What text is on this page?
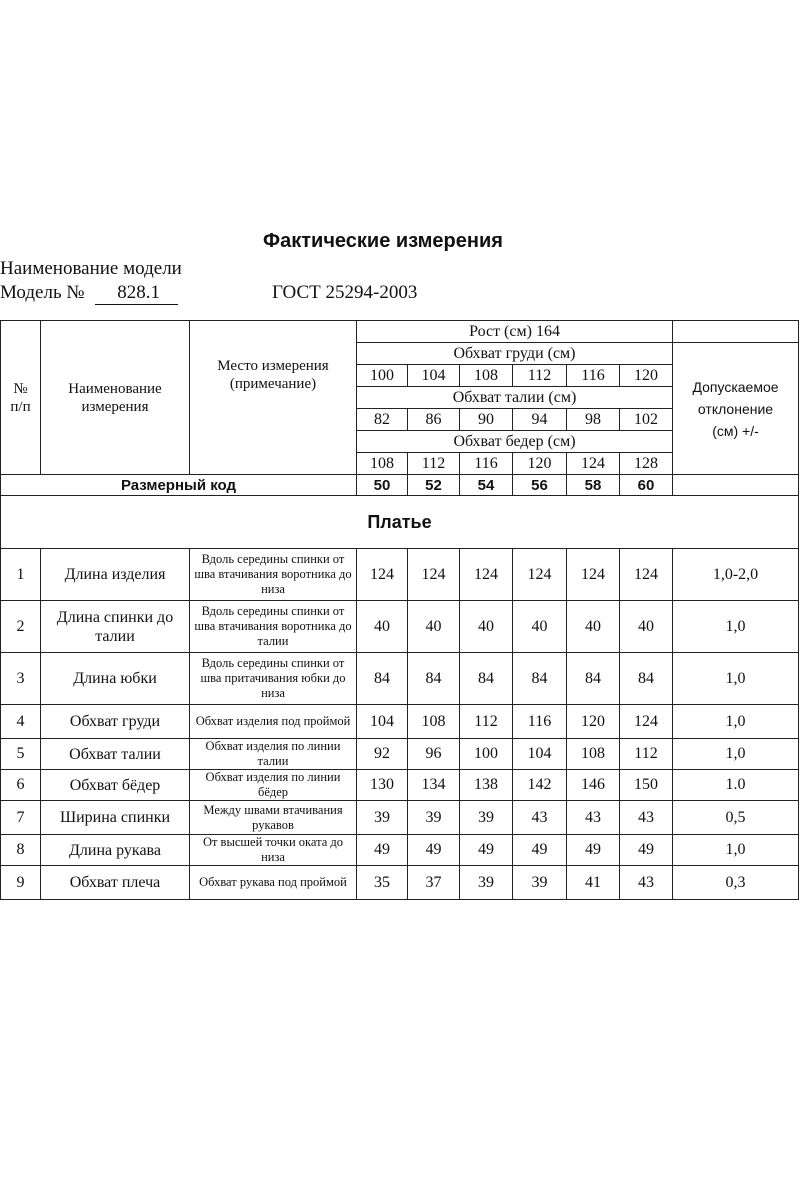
Фактические измерения
Наименование модели
Модель № 828.1	ГОСТ 25294-2003
№ п/п	Наименование измерения	Место измерения (примечание)	Рост (см) 164						
			Обхват груди (см)						Допускаемое отклонение (см) +/-
			100	104	108	112	116	120	
			Обхват талии (см)						
			82	86	90	94	98	102	
			Обхват бедер (см)						
			108	112	116	120	124	128	
Размерный код			50	52	54	56	58	60	
Платье									
1	Длина изделия	Вдоль середины спинки от шва втачивания воротника до низа	124	124	124	124	124	124	1,0-2,0
2	Длина спинки до талии	Вдоль середины спинки от шва втачивания воротника до талии	40	40	40	40	40	40	1,0
3	Длина юбки	Вдоль середины спинки от шва притачивания юбки до низа	84	84	84	84	84	84	1,0
4	Обхват груди	Обхват изделия под проймой	104	108	112	116	120	124	1,0
5	Обхват талии	Обхват изделия по линии талии	92	96	100	104	108	112	1,0
6	Обхват бёдер	Обхват изделия по линии бёдер	130	134	138	142	146	150	1.0
7	Ширина спинки	Между швами втачивания рукавов	39	39	39	43	43	43	0,5
8	Длина рукава	От высшей точки оката до низа	49	49	49	49	49	49	1,0
9	Обхват плеча	Обхват рукава под проймой	35	37	39	39	41	43	0,3
